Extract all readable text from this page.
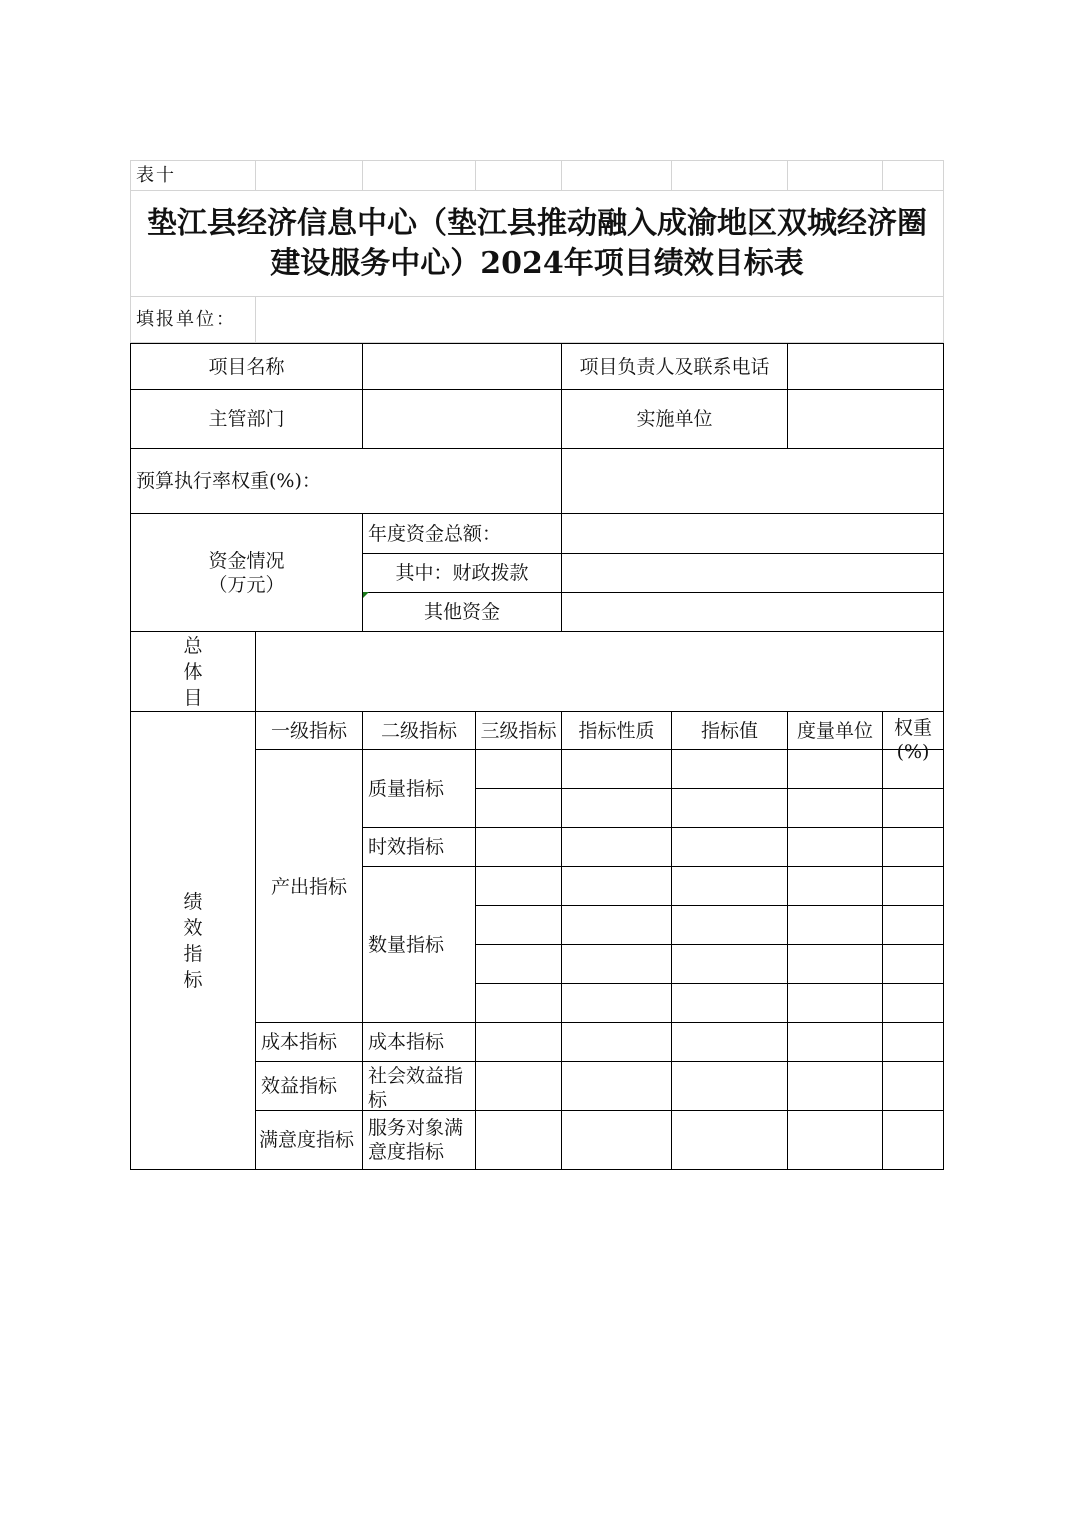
表十							

垫江县经济信息中心（垫江县推动融入成渝地区双城经济圈
建设服务中心）2024年项目绩效目标表							

填报单位：							
项目名称				项目负责人及联系电话			
主管部门				实施单位			
预算执行率权重(%)：							

资金情况
（万元）		年度资金总额：					
		其中：财政拨款					
		其他资金					
总体目							
绩效指标	一级指标	二级指标	三级指标	指标性质	指标值	度量单位	权重(%)

	产出指标	质量指标					

		时效指标					
		数量指标					

	成本指标	成本指标					
	效益指标	社会效益指标					

	满意度指标	服务对象满意度指标					
